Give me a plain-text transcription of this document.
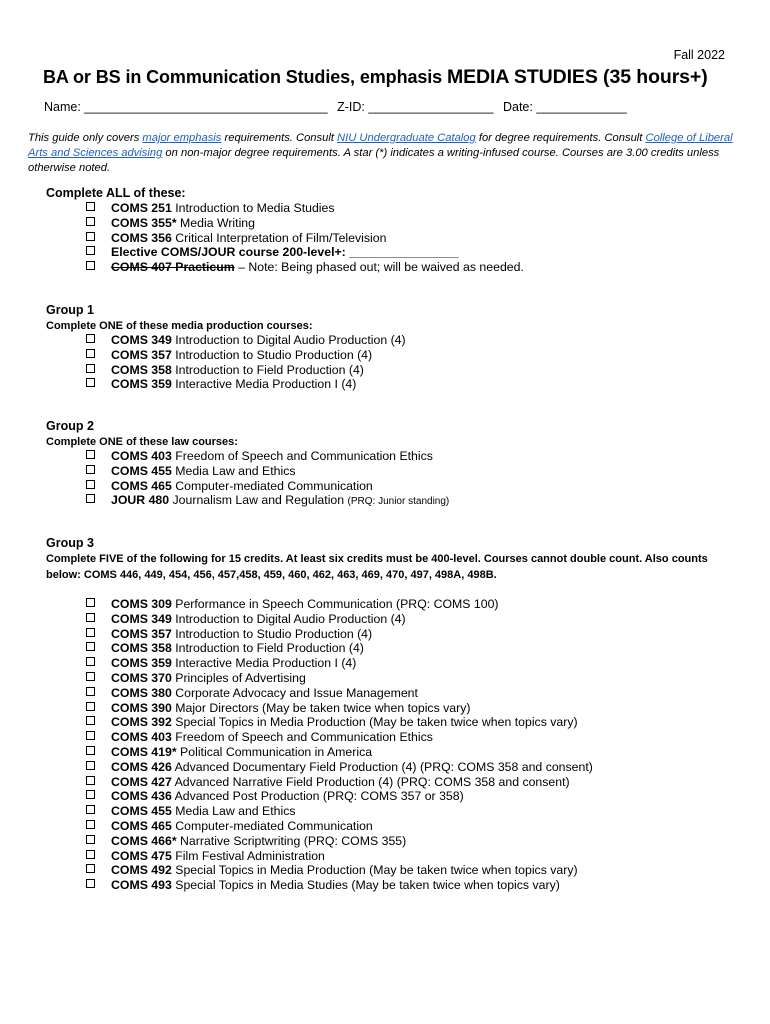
Fall 2022
BA or BS in Communication Studies, emphasis MEDIA STUDIES (35 hours+)
Name: ___________________________________ Z-ID: __________________ Date: _____________
This guide only covers major emphasis requirements. Consult NIU Undergraduate Catalog for degree requirements. Consult College of Liberal Arts and Sciences advising on non-major degree requirements. A star (*) indicates a writing-infused course. Courses are 3.00 credits unless otherwise noted.
Complete ALL of these:
COMS 251 Introduction to Media Studies
COMS 355* Media Writing
COMS 356 Critical Interpretation of Film/Television
Elective COMS/JOUR course 200-level+: ________________
COMS 407 Practicum – Note: Being phased out; will be waived as needed.
Group 1
Complete ONE of these media production courses:
COMS 349 Introduction to Digital Audio Production (4)
COMS 357 Introduction to Studio Production (4)
COMS 358 Introduction to Field Production (4)
COMS 359 Interactive Media Production I (4)
Group 2
Complete ONE of these law courses:
COMS 403 Freedom of Speech and Communication Ethics
COMS 455 Media Law and Ethics
COMS 465 Computer-mediated Communication
JOUR 480 Journalism Law and Regulation (PRQ: Junior standing)
Group 3
Complete FIVE of the following for 15 credits. At least six credits must be 400-level. Courses cannot double count. Also counts below: COMS 446, 449, 454, 456, 457,458, 459, 460, 462, 463, 469, 470, 497, 498A, 498B.
COMS 309 Performance in Speech Communication (PRQ: COMS 100)
COMS 349 Introduction to Digital Audio Production (4)
COMS 357 Introduction to Studio Production (4)
COMS 358 Introduction to Field Production (4)
COMS 359 Interactive Media Production I (4)
COMS 370 Principles of Advertising
COMS 380 Corporate Advocacy and Issue Management
COMS 390 Major Directors (May be taken twice when topics vary)
COMS 392 Special Topics in Media Production (May be taken twice when topics vary)
COMS 403 Freedom of Speech and Communication Ethics
COMS 419* Political Communication in America
COMS 426 Advanced Documentary Field Production (4) (PRQ: COMS 358 and consent)
COMS 427 Advanced Narrative Field Production (4) (PRQ: COMS 358 and consent)
COMS 436 Advanced Post Production (PRQ: COMS 357 or 358)
COMS 455 Media Law and Ethics
COMS 465 Computer-mediated Communication
COMS 466* Narrative Scriptwriting (PRQ: COMS 355)
COMS 475 Film Festival Administration
COMS 492 Special Topics in Media Production (May be taken twice when topics vary)
COMS 493 Special Topics in Media Studies (May be taken twice when topics vary)
